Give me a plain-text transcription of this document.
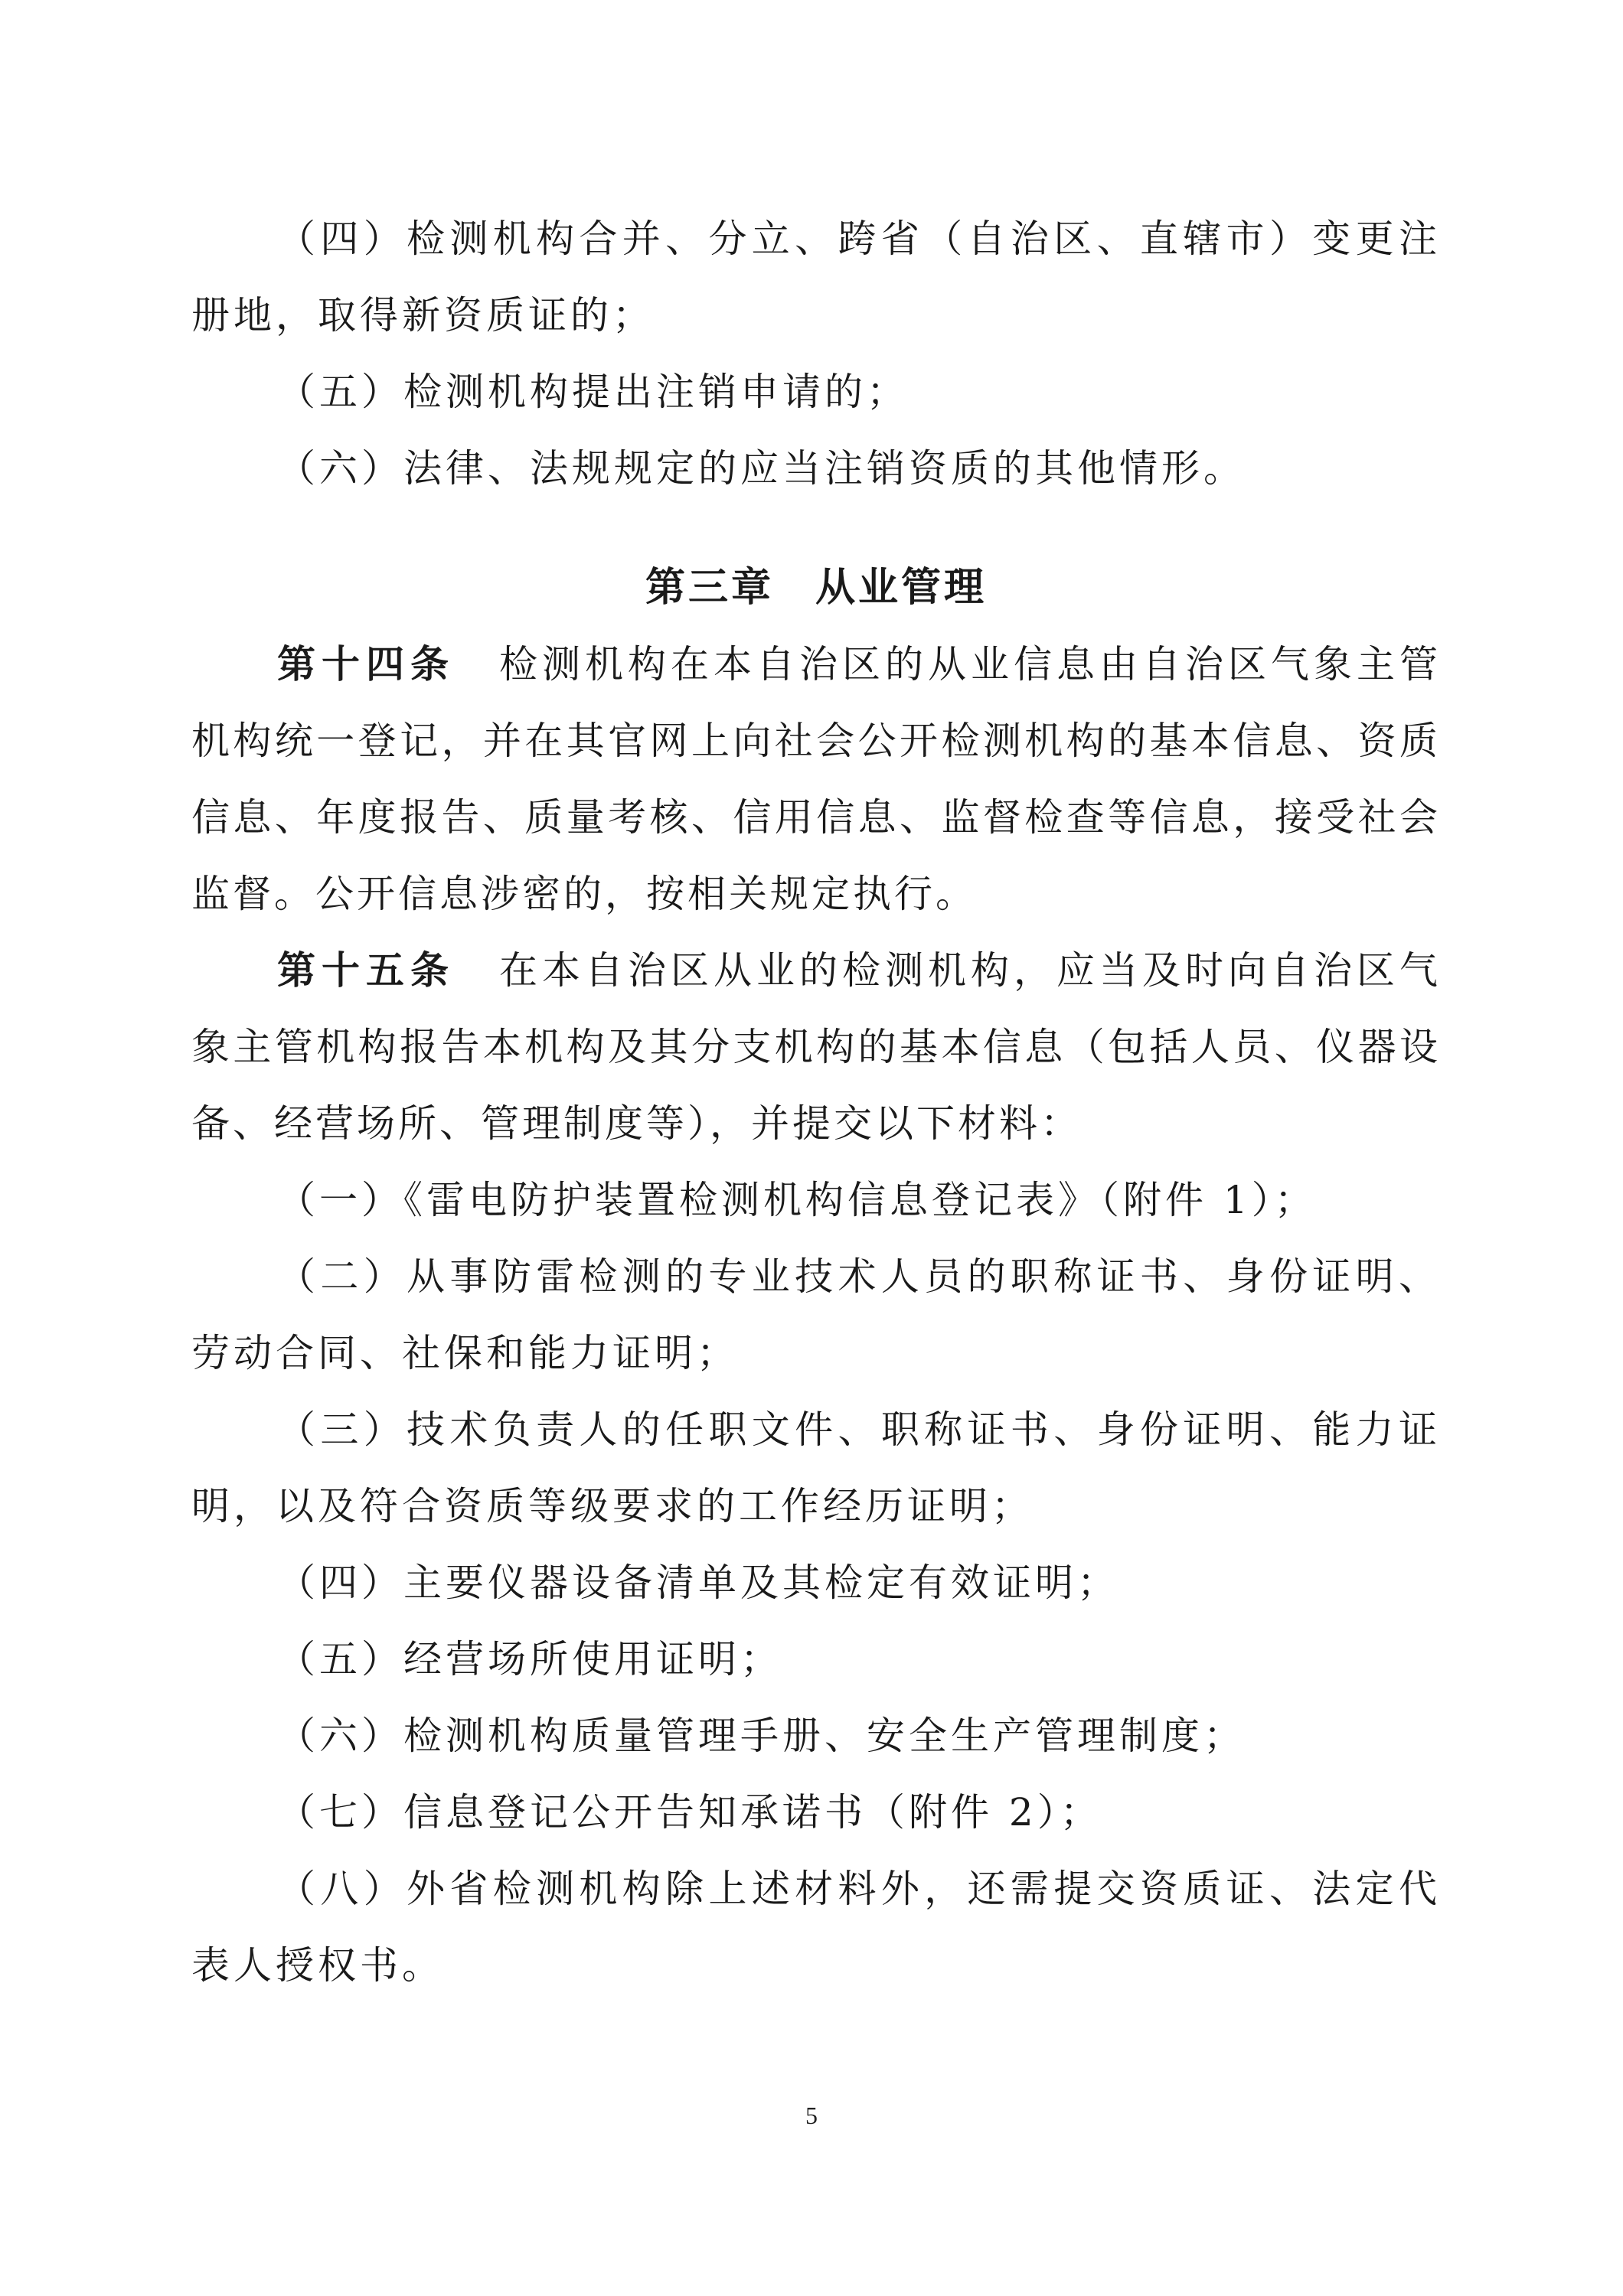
（四）检测机构合并、分立、跨省（自治区、直辖市）变更注册地，取得新资质证的；

（五）检测机构提出注销申请的；

（六）法律、法规规定的应当注销资质的其他情形。

第三章 从业管理

第十四条 检测机构在本自治区的从业信息由自治区气象主管机构统一登记，并在其官网上向社会公开检测机构的基本信息、资质信息、年度报告、质量考核、信用信息、监督检查等信息，接受社会监督。公开信息涉密的，按相关规定执行。

第十五条 在本自治区从业的检测机构，应当及时向自治区气象主管机构报告本机构及其分支机构的基本信息（包括人员、仪器设备、经营场所、管理制度等），并提交以下材料：

（一）《雷电防护装置检测机构信息登记表》（附件 1）；

（二）从事防雷检测的专业技术人员的职称证书、身份证明、劳动合同、社保和能力证明；

（三）技术负责人的任职文件、职称证书、身份证明、能力证明，以及符合资质等级要求的工作经历证明；

（四）主要仪器设备清单及其检定有效证明；

（五）经营场所使用证明；

（六）检测机构质量管理手册、安全生产管理制度；

（七）信息登记公开告知承诺书（附件 2）；

（八）外省检测机构除上述材料外，还需提交资质证、法定代表人授权书。

5
